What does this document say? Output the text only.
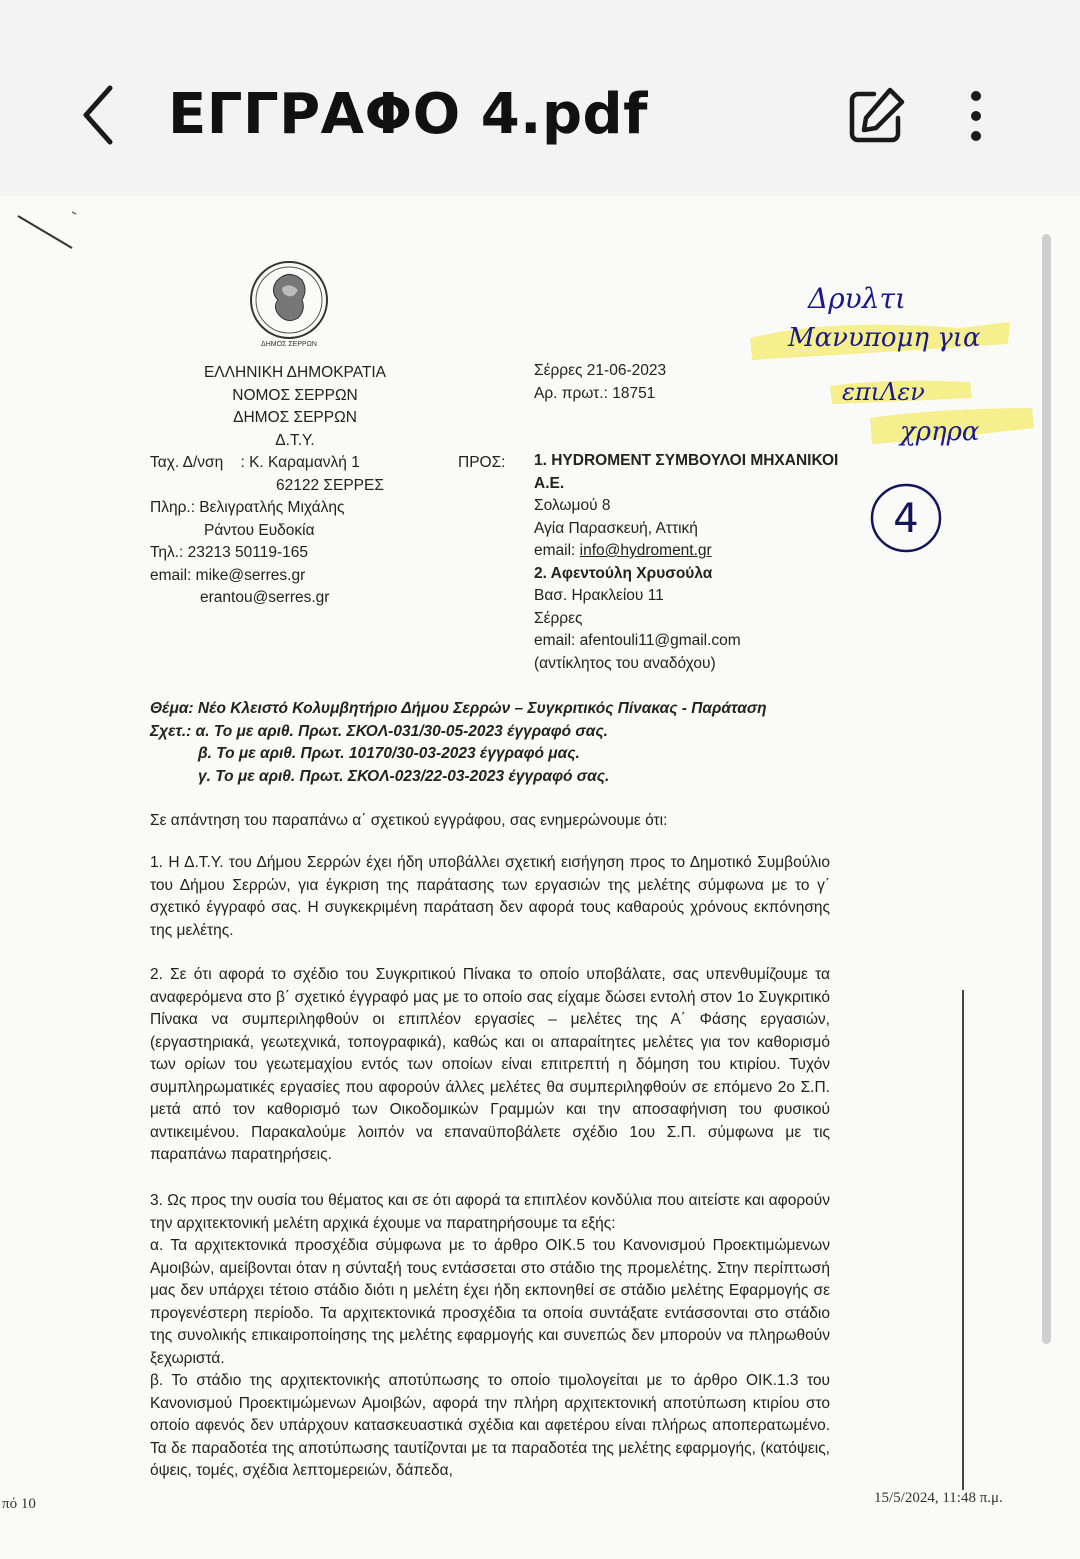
ΕΓΓΡΑΦΟ 4.pdf
ΔΗΜΟΣ ΣΕΡΡΩΝ
ΕΛΛΗΝΙΚΗ ΔΗΜΟΚΡΑΤΙΑ
ΝΟΜΟΣ ΣΕΡΡΩΝ
ΔΗΜΟΣ ΣΕΡΡΩΝ
Δ.Τ.Υ.
Ταχ. Δ/νση : Κ. Καραμανλή 1
62122 ΣΕΡΡΕΣ
Πληρ.: Βελιγρατλής Μιχάλης
Ράντου Ευδοκία
Τηλ.: 23213 50119-165
email: mike@serres.gr
erantou@serres.gr
Σέρρες 21-06-2023
Αρ. πρωτ.: 18751
ΠΡΟΣ: 1. HYDROMENT ΣΥΜΒΟΥΛΟΙ ΜΗΧΑΝΙΚΟΙ
Α.Ε.
Σολωμού 8
Αγία Παρασκευή, Αττική
email: info@hydroment.gr
2. Αφεντούλη Χρυσούλα
Βασ. Ηρακλείου 11
Σέρρες
email: afentouli11@gmail.com
(αντίκλητος του αναδόχου)
Δρυλτι
Μανυπομη για
επιΛεν
χρηρα
4
Θέμα: Νέο Κλειστό Κολυμβητήριο Δήμου Σερρών – Συγκριτικός Πίνακας - Παράταση
Σχετ.: α. Το με αριθ. Πρωτ. ΣΚΟΛ-031/30-05-2023 έγγραφό σας.
β. Το με αριθ. Πρωτ. 10170/30-03-2023 έγγραφό μας.
γ. Το με αριθ. Πρωτ. ΣΚΟΛ-023/22-03-2023 έγγραφό σας.
Σε απάντηση του παραπάνω α΄ σχετικού εγγράφου, σας ενημερώνουμε ότι:
1. Η Δ.Τ.Υ. του Δήμου Σερρών έχει ήδη υποβάλλει σχετική εισήγηση προς το Δημοτικό Συμβούλιο του Δήμου Σερρών, για έγκριση της παράτασης των εργασιών της μελέτης σύμφωνα με το γ΄ σχετικό έγγραφό σας. Η συγκεκριμένη παράταση δεν αφορά τους καθαρούς χρόνους εκπόνησης της μελέτης.
2. Σε ότι αφορά το σχέδιο του Συγκριτικού Πίνακα το οποίο υποβάλατε, σας υπενθυμίζουμε τα αναφερόμενα στο β΄ σχετικό έγγραφό μας με το οποίο σας είχαμε δώσει εντολή στον 1ο Συγκριτικό Πίνακα να συμπεριληφθούν οι επιπλέον εργασίες – μελέτες της Α΄ Φάσης εργασιών, (εργαστηριακά, γεωτεχνικά, τοπογραφικά), καθώς και οι απαραίτητες μελέτες για τον καθορισμό των ορίων του γεωτεμαχίου εντός των οποίων είναι επιτρεπτή η δόμηση του κτιρίου. Τυχόν συμπληρωματικές εργασίες που αφορούν άλλες μελέτες θα συμπεριληφθούν σε επόμενο 2ο Σ.Π. μετά από τον καθορισμό των Οικοδομικών Γραμμών και την αποσαφήνιση του φυσικού αντικειμένου. Παρακαλούμε λοιπόν να επαναϋποβάλετε σχέδιο 1ου Σ.Π. σύμφωνα με τις παραπάνω παρατηρήσεις.
3. Ως προς την ουσία του θέματος και σε ότι αφορά τα επιπλέον κονδύλια που αιτείστε και αφορούν την αρχιτεκτονική μελέτη αρχικά έχουμε να παρατηρήσουμε τα εξής:
α. Τα αρχιτεκτονικά προσχέδια σύμφωνα με το άρθρο ΟΙΚ.5 του Κανονισμού Προεκτιμώμενων Αμοιβών, αμείβονται όταν η σύνταξή τους εντάσσεται στο στάδιο της προμελέτης. Στην περίπτωσή μας δεν υπάρχει τέτοιο στάδιο διότι η μελέτη έχει ήδη εκπονηθεί σε στάδιο μελέτης Εφαρμογής σε προγενέστερη περίοδο. Τα αρχιτεκτονικά προσχέδια τα οποία συντάξατε εντάσσονται στο στάδιο της συνολικής επικαιροποίησης της μελέτης εφαρμογής και συνεπώς δεν μπορούν να πληρωθούν ξεχωριστά.
β. Το στάδιο της αρχιτεκτονικής αποτύπωσης το οποίο τιμολογείται με το άρθρο ΟΙΚ.1.3 του Κανονισμού Προεκτιμώμενων Αμοιβών, αφορά την πλήρη αρχιτεκτονική αποτύπωση κτιρίου στο οποίο αφενός δεν υπάρχουν κατασκευαστικά σχέδια και αφετέρου είναι πλήρως αποπερατωμένο. Τα δε παραδοτέα της αποτύπωσης ταυτίζονται με τα παραδοτέα της μελέτης εφαρμογής, (κατόψεις, όψεις, τομές, σχέδια λεπτομερειών, δάπεδα,
πό 10	15/5/2024, 11:48 π.μ.
